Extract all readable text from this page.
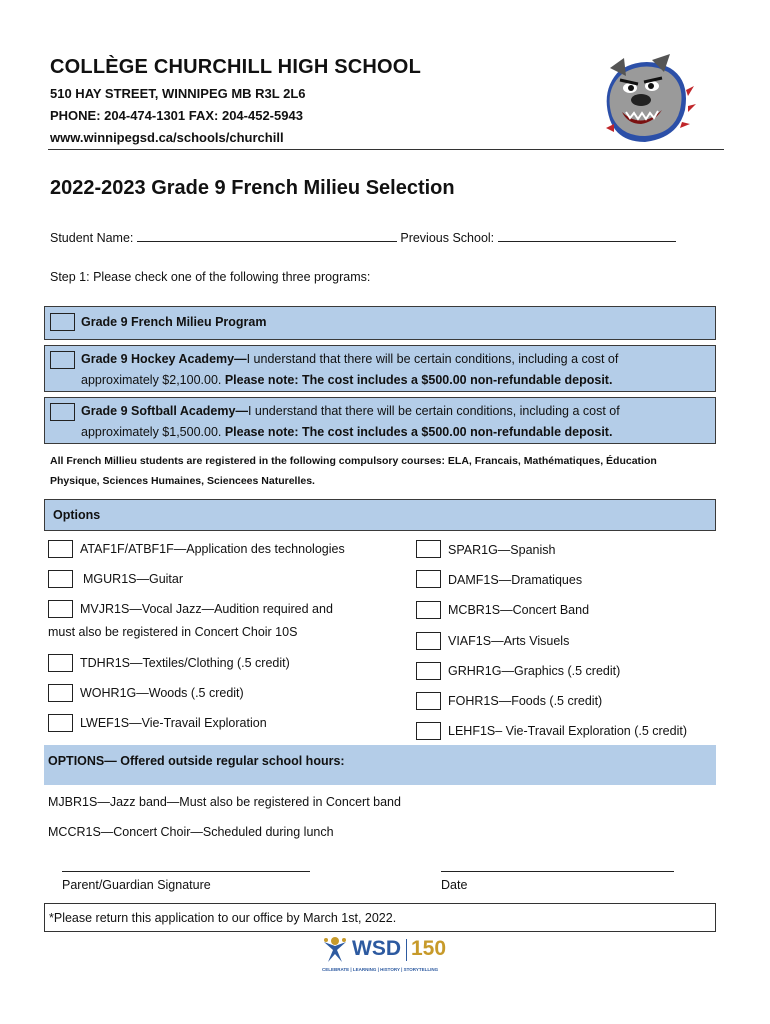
COLLÈGE CHURCHILL HIGH SCHOOL
510 HAY STREET, WINNIPEG MB R3L 2L6
PHONE: 204-474-1301 FAX: 204-452-5943
www.winnipegsd.ca/schools/churchill
2022-2023 Grade 9 French Milieu Selection
Student Name:	Previous School:
Step 1: Please check one of the following three programs:
Grade 9 French Milieu Program
Grade 9 Hockey Academy—I understand that there will be certain conditions, including a cost of
approximately $2,100.00. Please note: The cost includes a $500.00 non-refundable deposit.
Grade 9 Softball Academy—I understand that there will be certain conditions, including a cost of
approximately $1,500.00. Please note: The cost includes a $500.00 non-refundable deposit.
All French Millieu students are registered in the following compulsory courses: ELA, Francais, Mathématiques, Éducation
Physique, Sciences Humaines, Sciencees Naturelles.
Options
ATAF1F/ATBF1F—Application des technologies
MGUR1S—Guitar
MVJR1S—Vocal Jazz—Audition required and
must also be registered in Concert Choir 10S
TDHR1S—Textiles/Clothing (.5 credit)
WOHR1G—Woods (.5 credit)
LWEF1S—Vie-Travail Exploration
SPAR1G—Spanish
DAMF1S—Dramatiques
MCBR1S—Concert Band
VIAF1S—Arts Visuels
GRHR1G—Graphics (.5 credit)
FOHR1S—Foods (.5 credit)
LEHF1S– Vie-Travail Exploration (.5 credit)
OPTIONS— Offered outside regular school hours:
MJBR1S—Jazz band—Must also be registered in Concert band
MCCR1S—Concert Choir—Scheduled during lunch
Parent/Guardian Signature	Date
*Please return this application to our office by March 1st, 2022.
WSD 150
CELEBRATE | LEARNING | HISTORY | STORYTELLING
